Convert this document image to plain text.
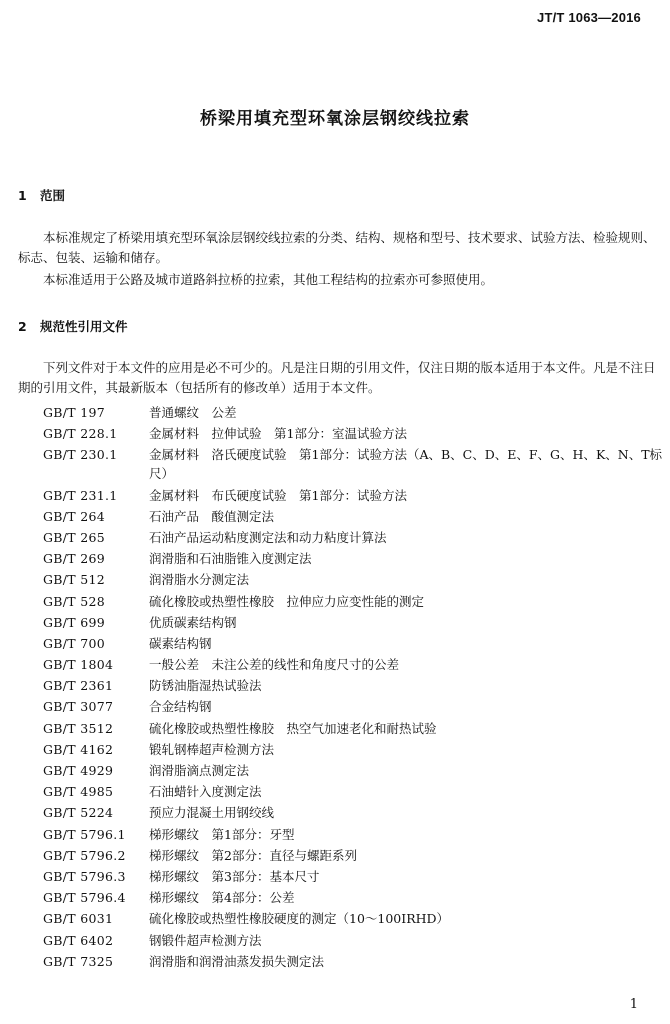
JT/T 1063—2016
桥梁用填充型环氧涂层钢绞线拉索
1 范围
本标准规定了桥梁用填充型环氧涂层钢绞线拉索的分类、结构、规格和型号、技术要求、试验方法、检验规则、标志、包装、运输和储存。
本标准适用于公路及城市道路斜拉桥的拉索，其他工程结构的拉索亦可参照使用。
2 规范性引用文件
下列文件对于本文件的应用是必不可少的。凡是注日期的引用文件，仅注日期的版本适用于本文件。凡是不注日期的引用文件，其最新版本（包括所有的修改单）适用于本文件。
GB/T 197	普通螺纹　公差
GB/T 228.1	金属材料　拉伸试验　第1部分：室温试验方法
GB/T 230.1	金属材料　洛氏硬度试验　第1部分：试验方法（A、B、C、D、E、F、G、H、K、N、T标尺）
GB/T 231.1	金属材料　布氏硬度试验　第1部分：试验方法
GB/T 264	石油产品　酸值测定法
GB/T 265	石油产品运动粘度测定法和动力粘度计算法
GB/T 269	润滑脂和石油脂锥入度测定法
GB/T 512	润滑脂水分测定法
GB/T 528	硫化橡胶或热塑性橡胶　拉伸应力应变性能的测定
GB/T 699	优质碳素结构钢
GB/T 700	碳素结构钢
GB/T 1804	一般公差　未注公差的线性和角度尺寸的公差
GB/T 2361	防锈油脂湿热试验法
GB/T 3077	合金结构钢
GB/T 3512	硫化橡胶或热塑性橡胶　热空气加速老化和耐热试验
GB/T 4162	锻轧钢棒超声检测方法
GB/T 4929	润滑脂滴点测定法
GB/T 4985	石油蜡针入度测定法
GB/T 5224	预应力混凝土用钢绞线
GB/T 5796.1	梯形螺纹　第1部分：牙型
GB/T 5796.2	梯形螺纹　第2部分：直径与螺距系列
GB/T 5796.3	梯形螺纹　第3部分：基本尺寸
GB/T 5796.4	梯形螺纹　第4部分：公差
GB/T 6031	硫化橡胶或热塑性橡胶硬度的测定（10～100IRHD）
GB/T 6402	钢锻件超声检测方法
GB/T 7325	润滑脂和润滑油蒸发损失测定法
1
